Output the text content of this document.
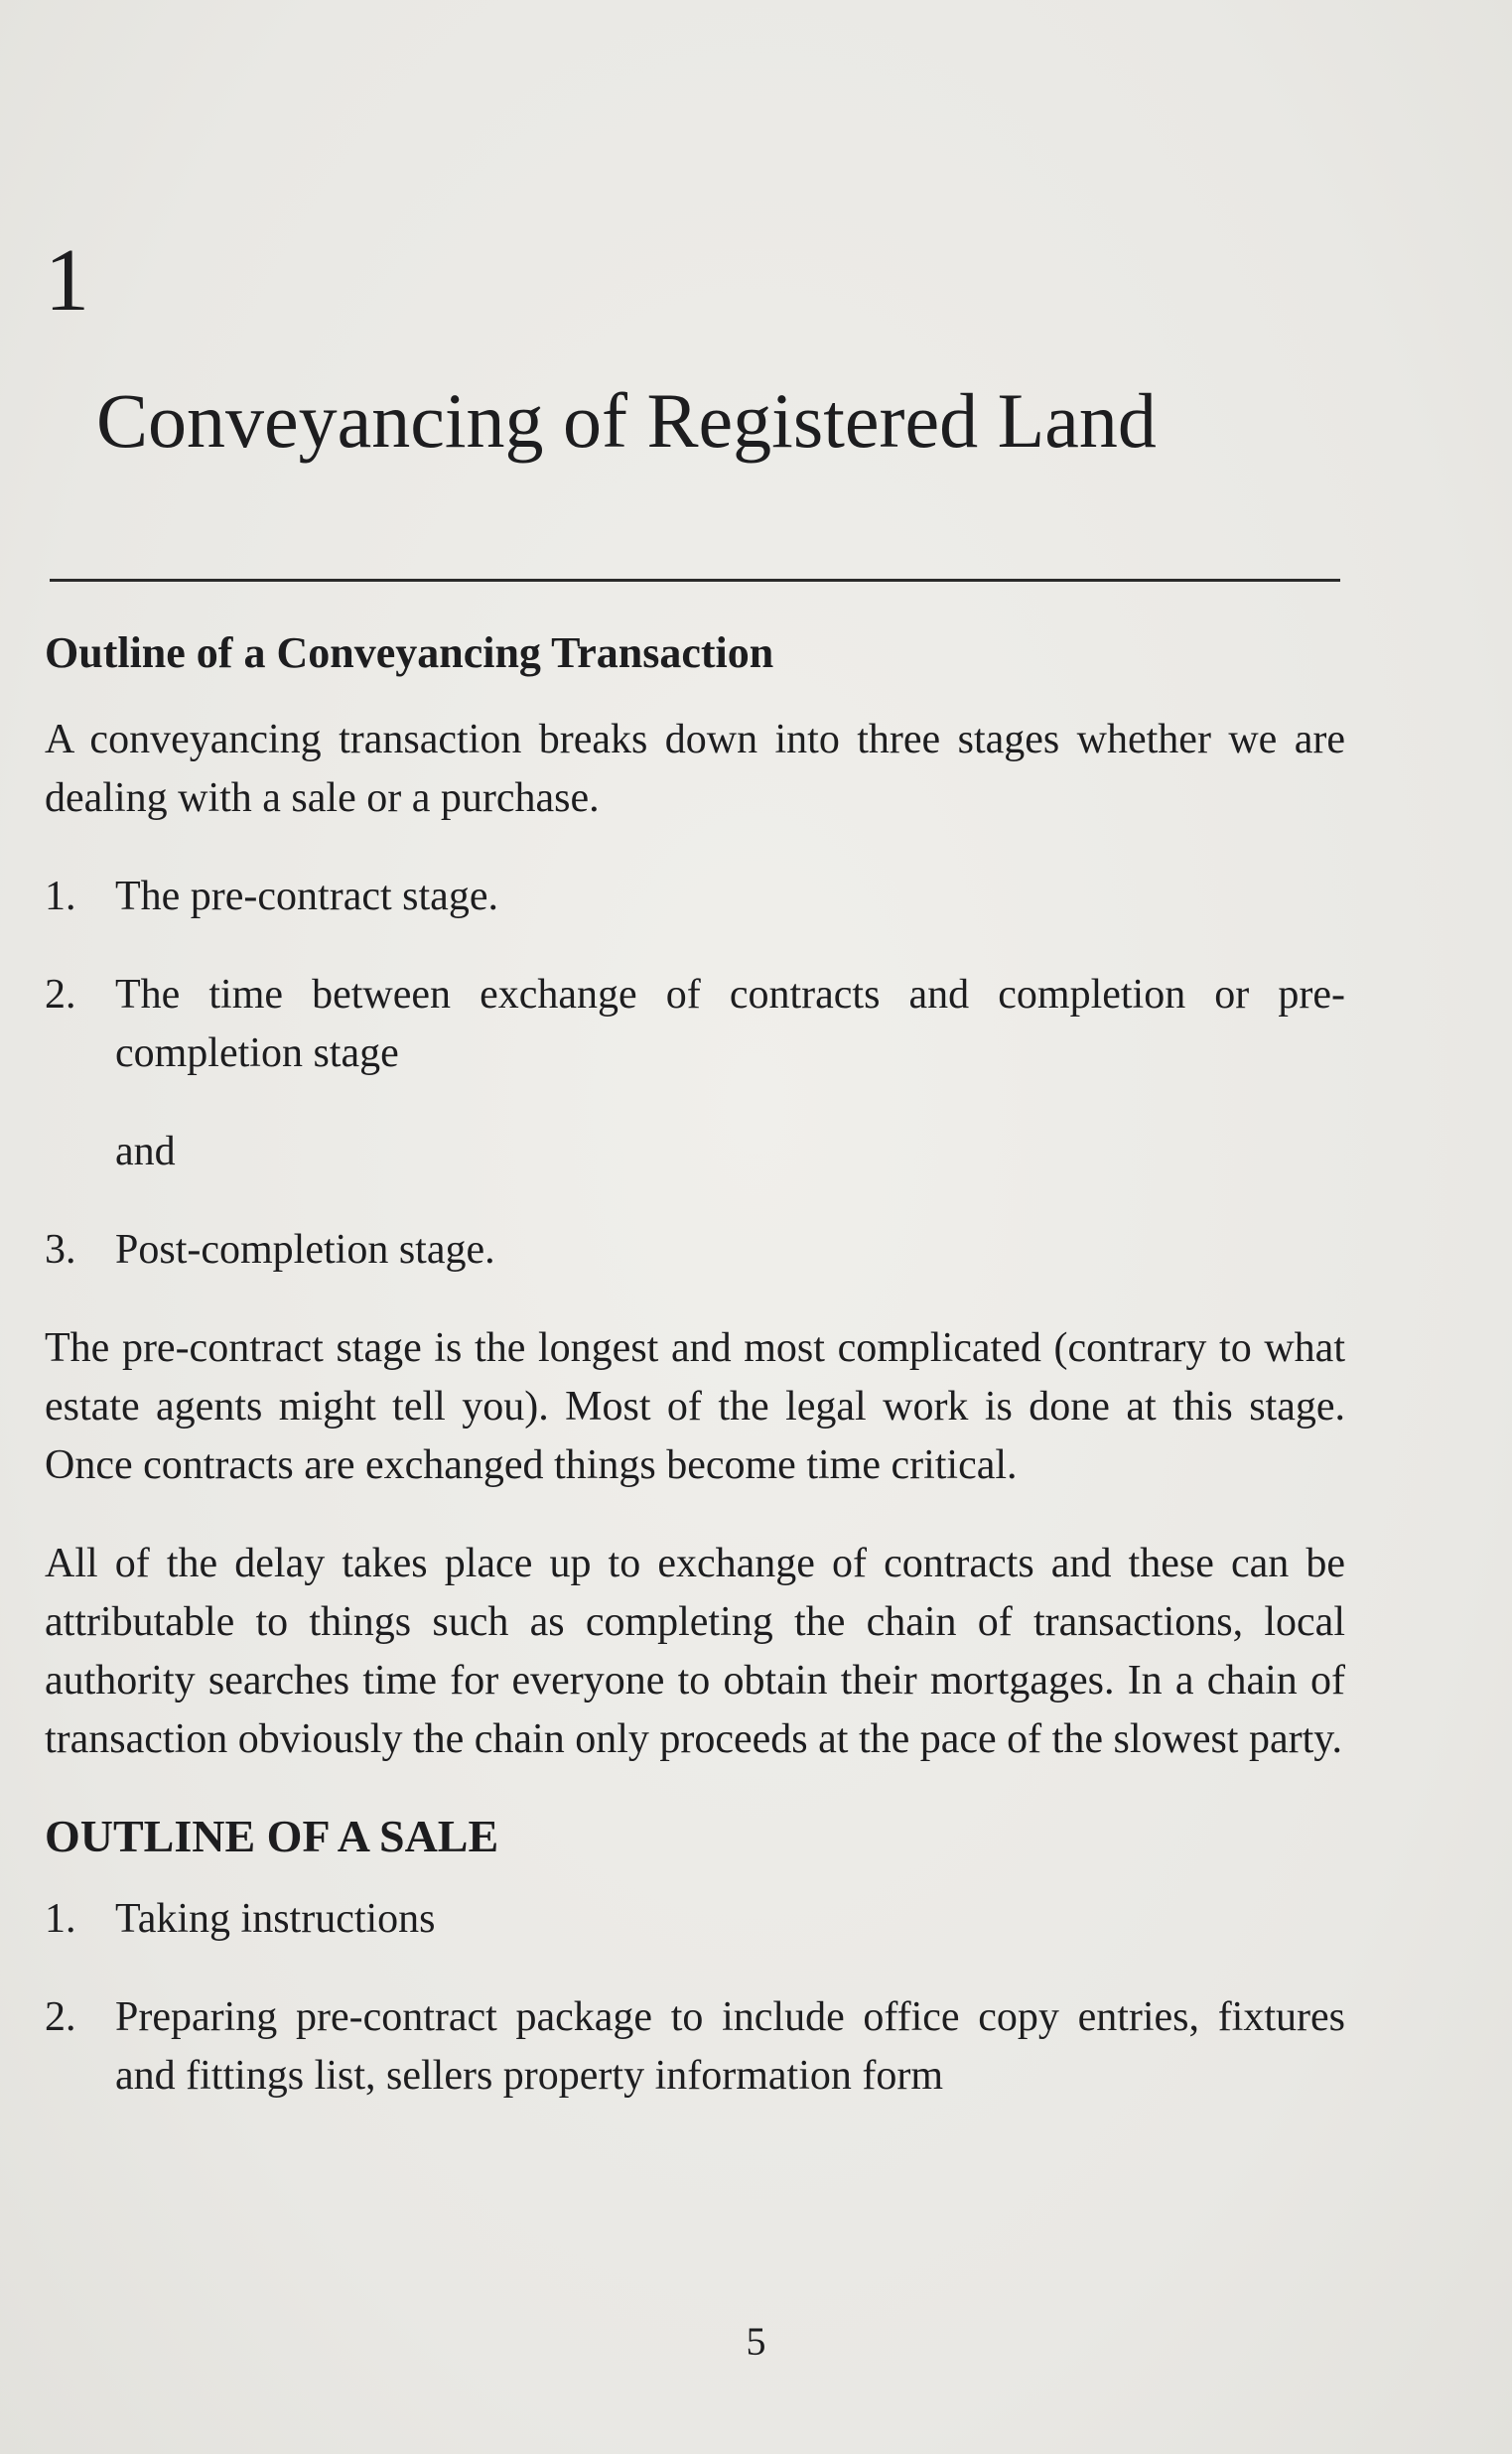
1
Conveyancing of Registered Land
Outline of a Conveyancing Transaction

A conveyancing transaction breaks down into three stages whether we are dealing with a sale or a purchase.

1. The pre-contract stage.
2. The time between exchange of contracts and completion or pre-completion stage
and
3. Post-completion stage.

The pre-contract stage is the longest and most complicated (contrary to what estate agents might tell you). Most of the legal work is done at this stage. Once contracts are exchanged things become time critical.

All of the delay takes place up to exchange of contracts and these can be attributable to things such as completing the chain of transactions, local authority searches time for everyone to obtain their mortgages. In a chain of transaction obviously the chain only proceeds at the pace of the slowest party.

OUTLINE OF A SALE
1. Taking instructions
2. Preparing pre-contract package to include office copy entries, fixtures and fittings list, sellers property information form
5
